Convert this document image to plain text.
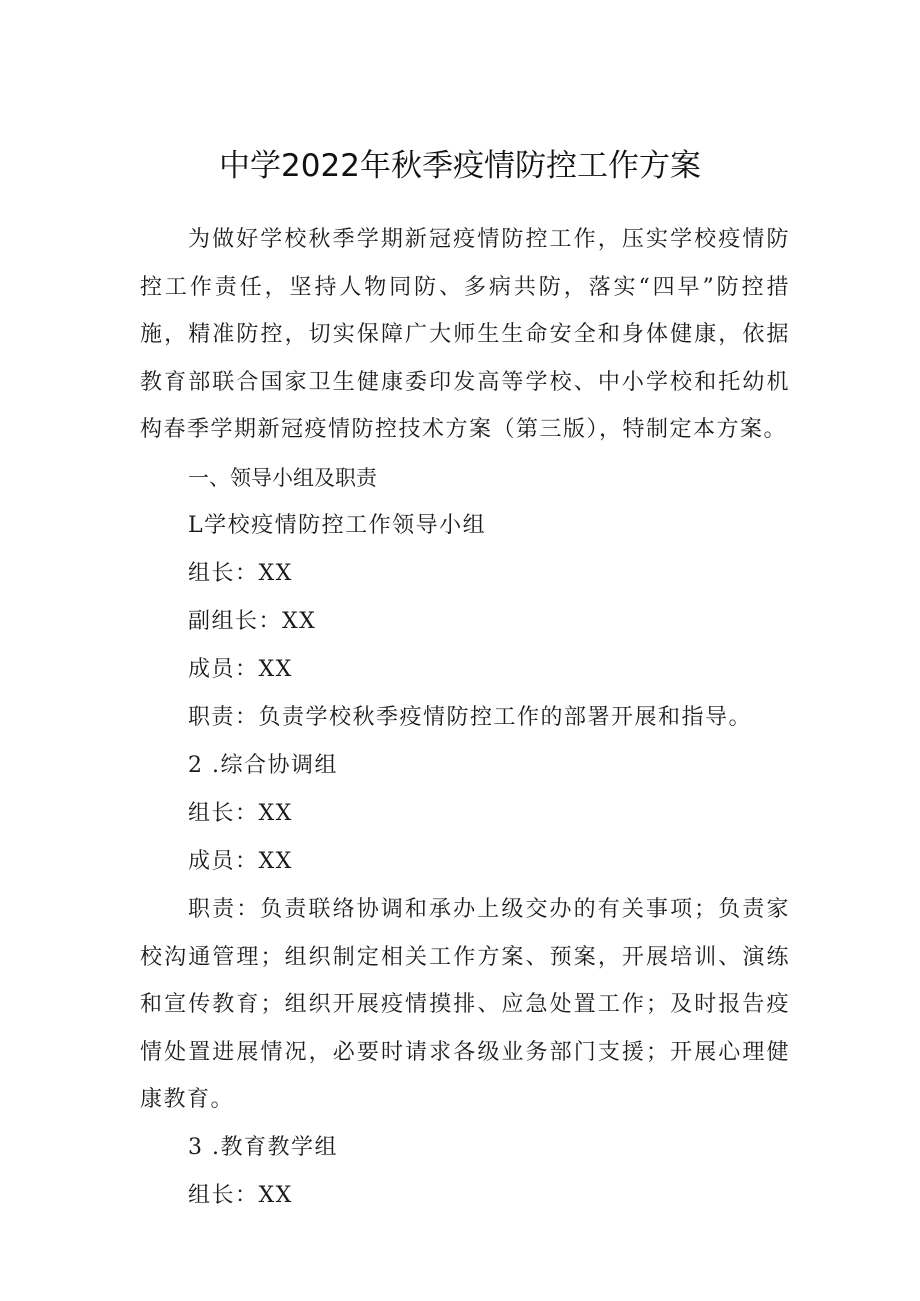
中学2022年秋季疫情防控工作方案

为做好学校秋季学期新冠疫情防控工作，压实学校疫情防控工作责任，坚持人物同防、多病共防，落实“四早”防控措施，精准防控，切实保障广大师生生命安全和身体健康，依据教育部联合国家卫生健康委印发高等学校、中小学校和托幼机构春季学期新冠疫情防控技术方案（第三版），特制定本方案。

一、领导小组及职责

L学校疫情防控工作领导小组

组长：XX

副组长：XX

成员：XX

职责：负责学校秋季疫情防控工作的部署开展和指导。

2 .综合协调组

组长：XX

成员：XX

职责：负责联络协调和承办上级交办的有关事项；负责家校沟通管理；组织制定相关工作方案、预案，开展培训、演练和宣传教育；组织开展疫情摸排、应急处置工作；及时报告疫情处置进展情况，必要时请求各级业务部门支援；开展心理健康教育。

3 .教育教学组

组长：XX
